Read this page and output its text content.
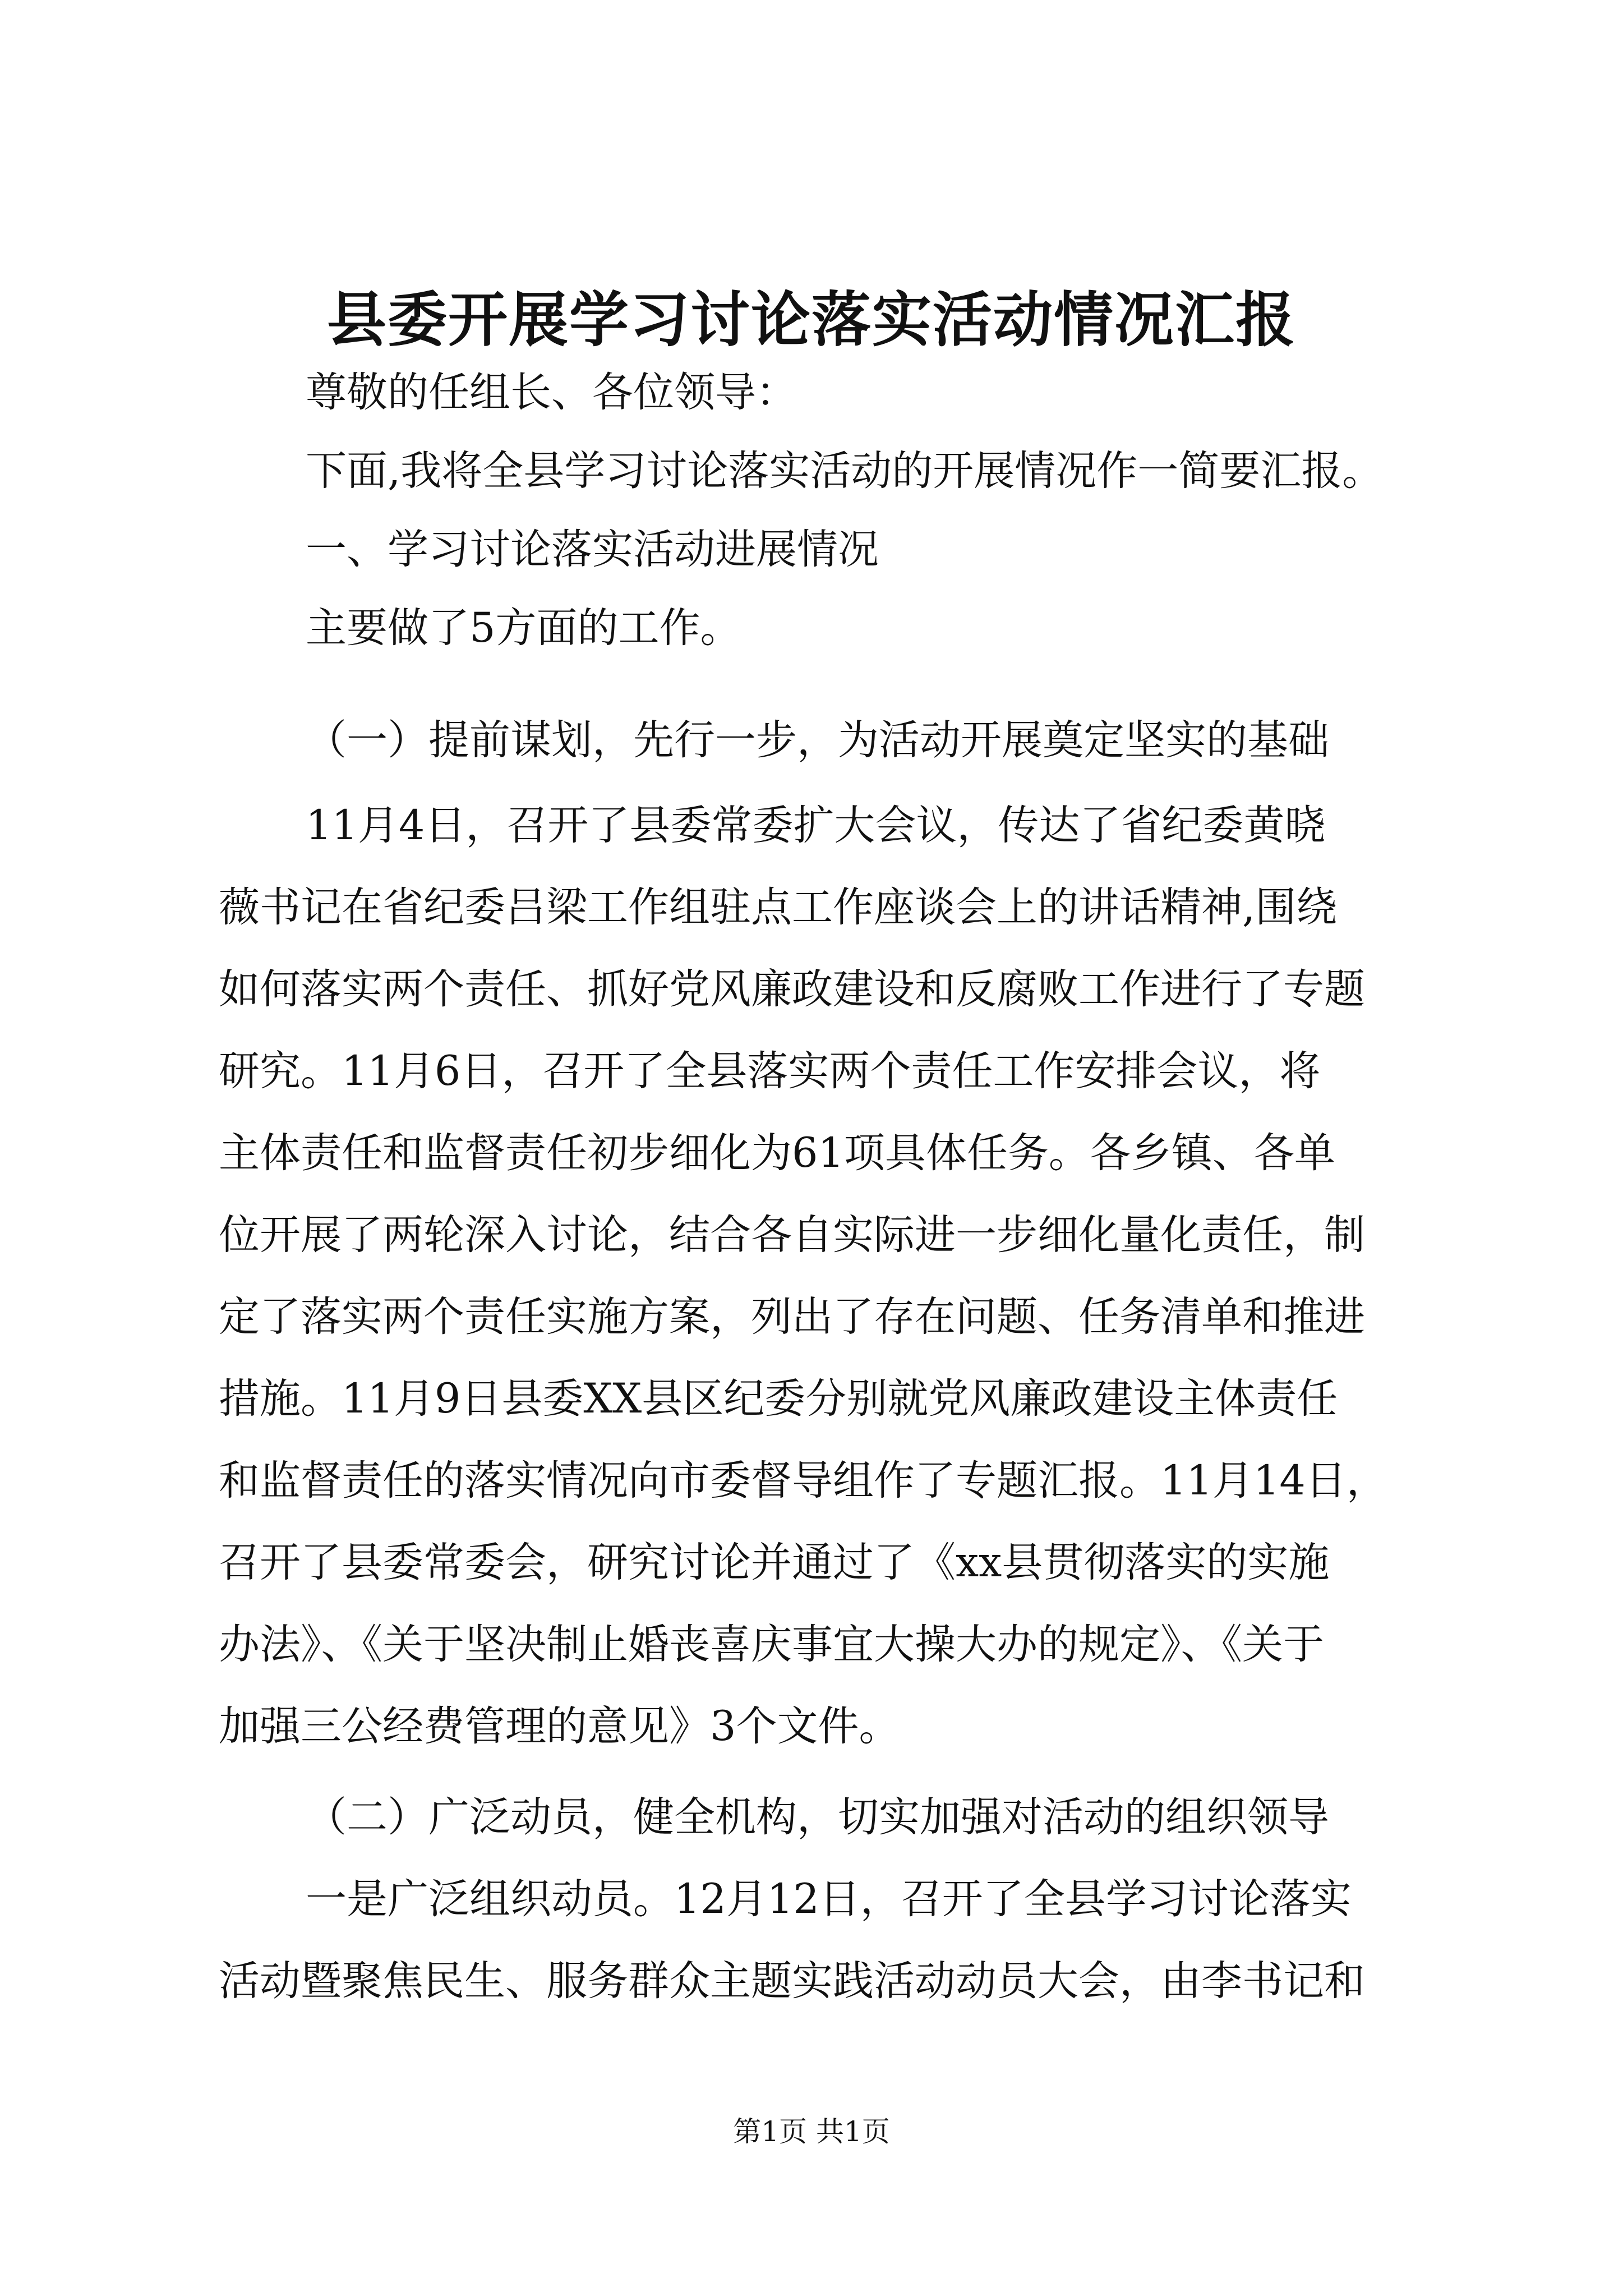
县委开展学习讨论落实活动情况汇报
尊敬的任组长、各位领导：
下面,我将全县学习讨论落实活动的开展情况作一简要汇报。
一、学习讨论落实活动进展情况
主要做了5方面的工作。
（一）提前谋划，先行一步，为活动开展奠定坚实的基础
11月4日，召开了县委常委扩大会议，传达了省纪委黄晓
薇书记在省纪委吕梁工作组驻点工作座谈会上的讲话精神,围绕
如何落实两个责任、抓好党风廉政建设和反腐败工作进行了专题
研究。11月6日，召开了全县落实两个责任工作安排会议，将
主体责任和监督责任初步细化为61项具体任务。各乡镇、各单
位开展了两轮深入讨论，结合各自实际进一步细化量化责任，制
定了落实两个责任实施方案，列出了存在问题、任务清单和推进
措施。11月9日县委XX县区纪委分别就党风廉政建设主体责任
和监督责任的落实情况向市委督导组作了专题汇报。11月14日，
召开了县委常委会，研究讨论并通过了《xx县贯彻落实的实施
办法》、《关于坚决制止婚丧喜庆事宜大操大办的规定》、《关于
加强三公经费管理的意见》3个文件。
（二）广泛动员，健全机构，切实加强对活动的组织领导
一是广泛组织动员。12月12日，召开了全县学习讨论落实
活动暨聚焦民生、服务群众主题实践活动动员大会，由李书记和
第1页 共1页
